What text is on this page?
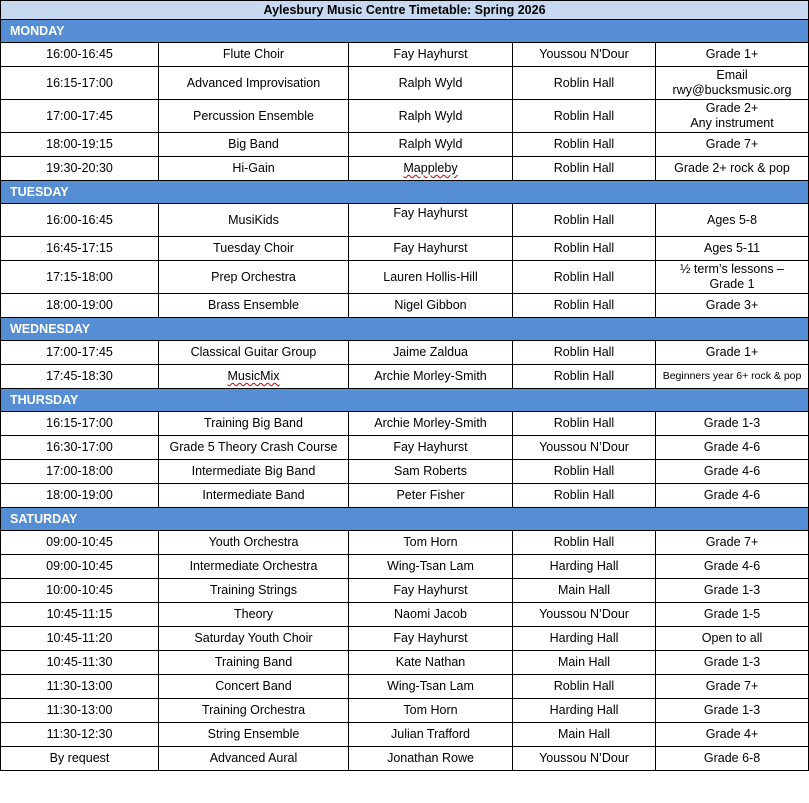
Aylesbury Music Centre Timetable: Spring 2026				
MONDAY				
16:00-16:45	Flute Choir	Fay Hayhurst	Youssou N'Dour	Grade 1+
16:15-17:00	Advanced Improvisation	Ralph Wyld	Roblin Hall	Email
rwy@bucksmusic.org

17:00-17:45	Percussion Ensemble	Ralph Wyld	Roblin Hall	Grade 2+
Any instrument

18:00-19:15	Big Band	Ralph Wyld	Roblin Hall	Grade 7+
19:30-20:30	Hi-Gain	Mappleby	Roblin Hall	Grade 2+ rock & pop
TUESDAY				
16:00-16:45	MusiKids	Fay Hayhurst	Roblin Hall	Ages 5-8
16:45-17:15	Tuesday Choir	Fay Hayhurst	Roblin Hall	Ages 5-11
17:15-18:00	Prep Orchestra	Lauren Hollis-Hill	Roblin Hall	½ term’s lessons –
Grade 1

18:00-19:00	Brass Ensemble	Nigel Gibbon	Roblin Hall	Grade 3+
WEDNESDAY				
17:00-17:45	Classical Guitar Group	Jaime Zaldua	Roblin Hall	Grade 1+
17:45-18:30	MusicMix	Archie Morley-Smith	Roblin Hall	Beginners year 6+ rock & pop
THURSDAY				
16:15-17:00	Training Big Band	Archie Morley-Smith	Roblin Hall	Grade 1-3
16:30-17:00	Grade 5 Theory Crash Course	Fay Hayhurst	Youssou N’Dour	Grade 4-6
17:00-18:00	Intermediate Big Band	Sam Roberts	Roblin Hall	Grade 4-6
18:00-19:00	Intermediate Band	Peter Fisher	Roblin Hall	Grade 4-6
SATURDAY				
09:00-10:45	Youth Orchestra	Tom Horn	Roblin Hall	Grade 7+
09:00-10:45	Intermediate Orchestra	Wing-Tsan Lam	Harding Hall	Grade 4-6
10:00-10:45	Training Strings	Fay Hayhurst	Main Hall	Grade 1-3
10:45-11:15	Theory	Naomi Jacob	Youssou N’Dour	Grade 1-5
10:45-11:20	Saturday Youth Choir	Fay Hayhurst	Harding Hall	Open to all
10:45-11:30	Training Band	Kate Nathan	Main Hall	Grade 1-3
11:30-13:00	Concert Band	Wing-Tsan Lam	Roblin Hall	Grade 7+
11:30-13:00	Training Orchestra	Tom Horn	Harding Hall	Grade 1-3
11:30-12:30	String Ensemble	Julian Trafford	Main Hall	Grade 4+
By request	Advanced Aural	Jonathan Rowe	Youssou N’Dour	Grade 6-8
